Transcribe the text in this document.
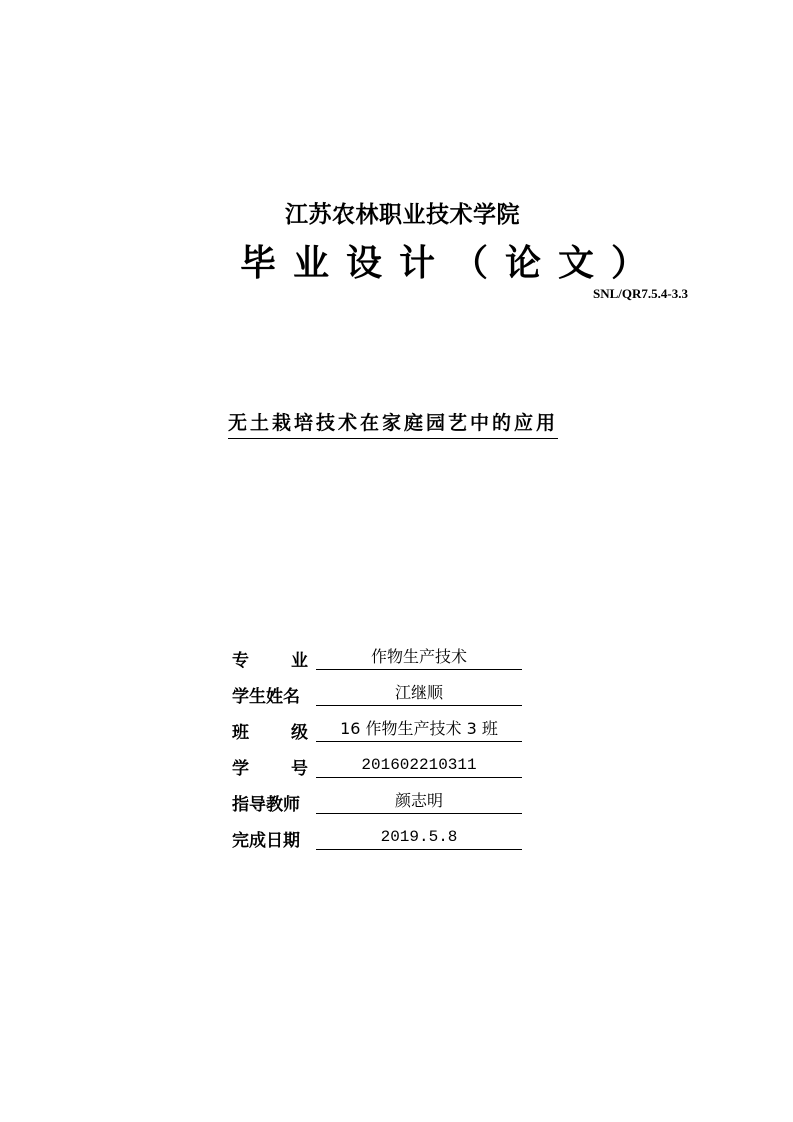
江苏农林职业技术学院
毕业设计（论文）
SNL/QR7.5.4-3.3
无土栽培技术在家庭园艺中的应用
专 业	作物生产技术
学生姓名	江继顺
班 级	16 作物生产技术 3 班
学 号	201602210311
指导教师	颜志明
完成日期	2019.5.8
